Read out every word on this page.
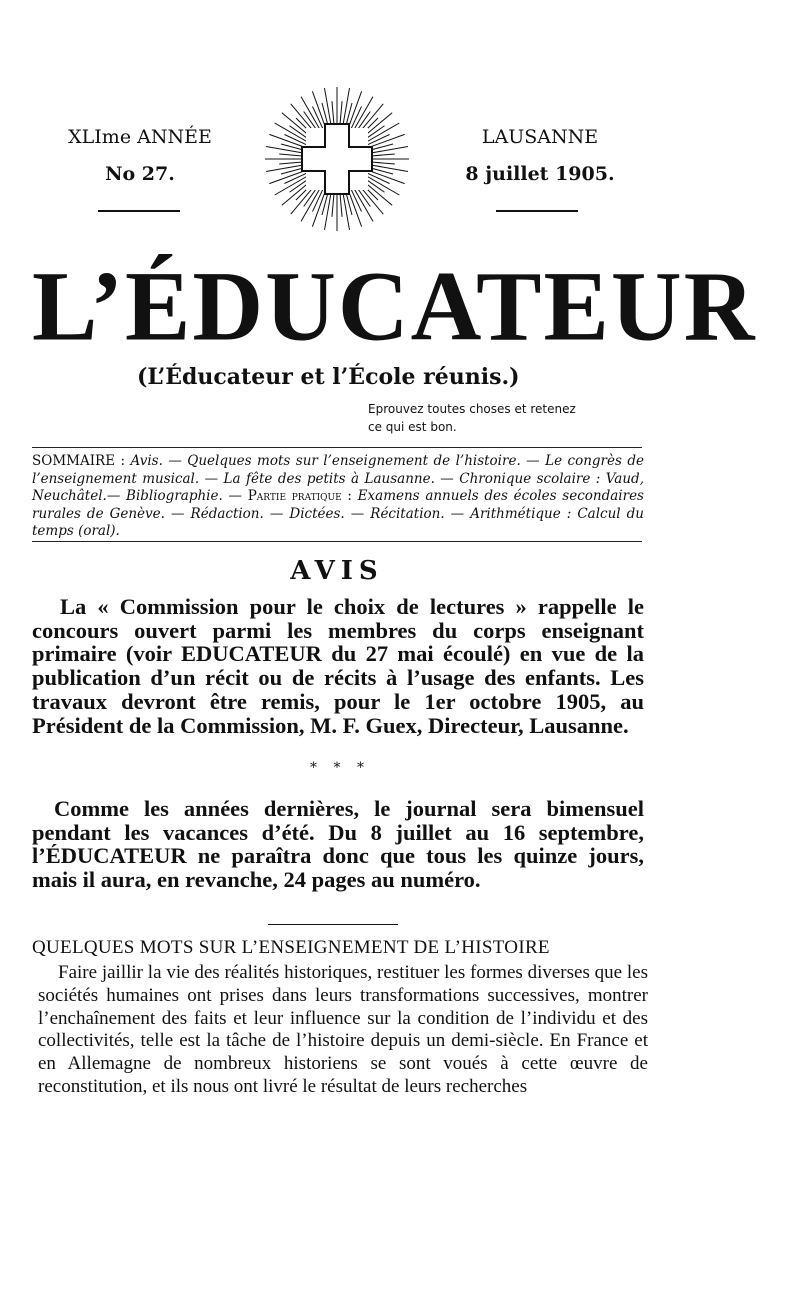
XLIme ANNÉE
No 27.
LAUSANNE
8 juillet 1905.
L’ÉDUCATEUR
(L’Éducateur et l’École réunis.)
Eprouvez toutes choses et retenez
ce qui est bon.
SOMMAIRE : Avis. — Quelques mots sur l’enseignement de l’histoire. — Le congrès de l’enseignement musical. — La fête des petits à Lausanne. — Chronique scolaire : Vaud, Neuchâtel.— Bibliographie. — Partie pratique : Examens annuels des écoles secondaires rurales de Genève. — Rédaction. — Dictées. — Récitation. — Arithmétique : Calcul du temps (oral).
AVIS
La « Commission pour le choix de lectures » rappelle le concours ouvert parmi les membres du corps enseignant primaire (voir EDUCATEUR du 27 mai écoulé) en vue de la publication d’un récit ou de récits à l’usage des enfants. Les travaux devront être remis, pour le 1er octobre 1905, au Président de la Commission, M. F. Guex, Directeur, Lausanne.
* * *
Comme les années dernières, le journal sera bimensuel pendant les vacances d’été. Du 8 juillet au 16 septembre, l’ÉDUCATEUR ne paraîtra donc que tous les quinze jours, mais il aura, en revanche, 24 pages au numéro.
QUELQUES MOTS SUR L’ENSEIGNEMENT DE L’HISTOIRE
Faire jaillir la vie des réalités historiques, restituer les formes diverses que les sociétés humaines ont prises dans leurs transformations successives, montrer l’enchaînement des faits et leur influence sur la condition de l’individu et des collectivités, telle est la tâche de l’histoire depuis un demi-siècle. En France et en Allemagne de nombreux historiens se sont voués à cette œuvre de reconstitution, et ils nous ont livré le résultat de leurs recherches
